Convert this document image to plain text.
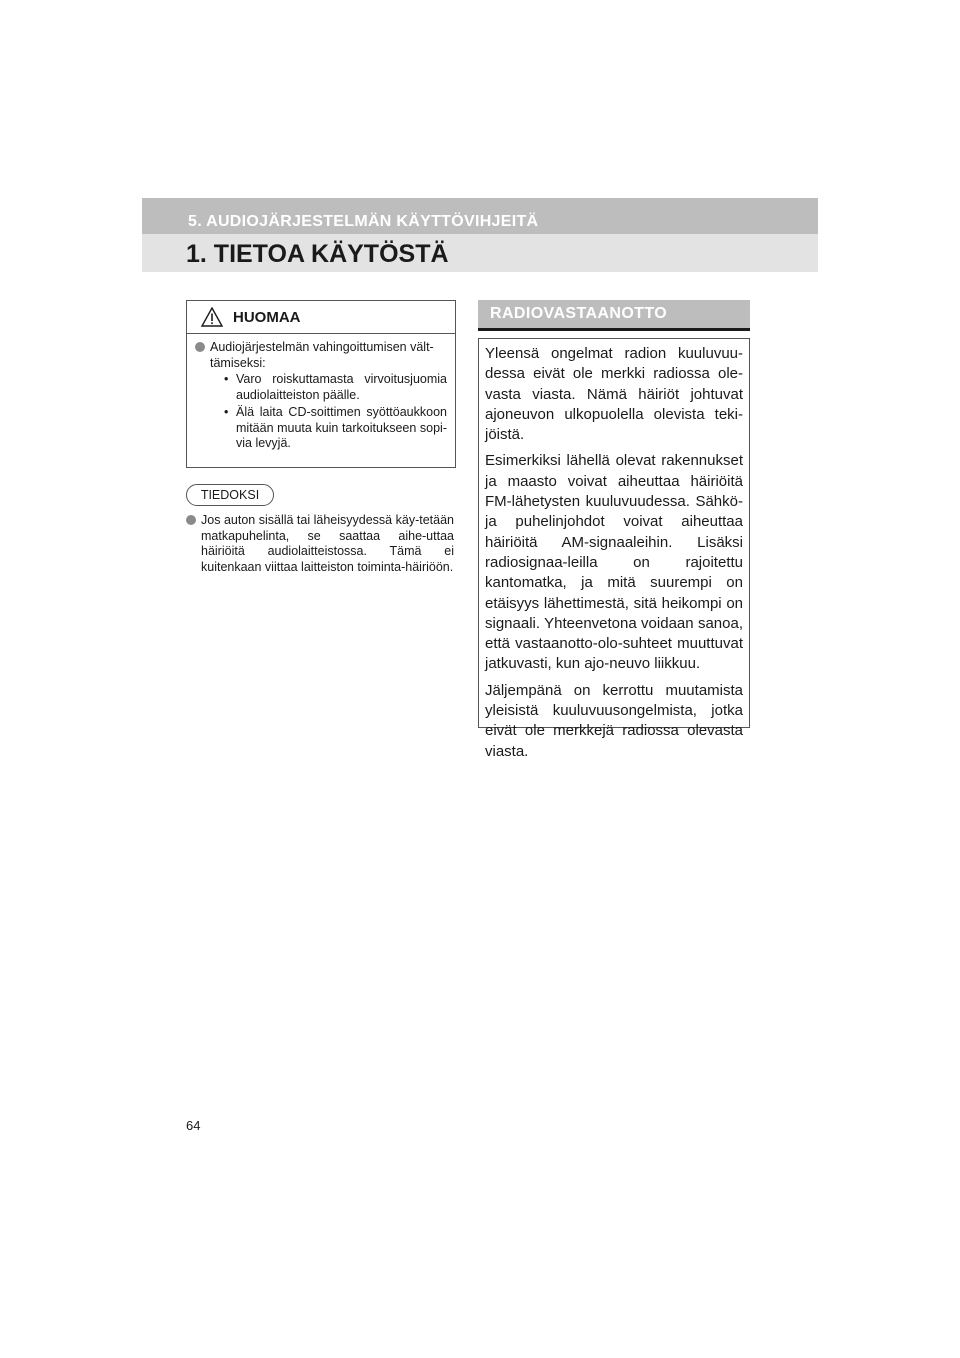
5. AUDIOJÄRJESTELMÄN KÄYTTÖVIHJEITÄ
1. TIETOA KÄYTÖSTÄ
HUOMAA
Audiojärjestelmän vahingoittumisen vält-tämiseksi:
• Varo roiskuttamasta virvoitusjuomia audiolaitteiston päälle.
• Älä laita CD-soittimen syöttöaukkoon mitään muuta kuin tarkoitukseen sopi-via levyjä.
TIEDOKSI
Jos auton sisällä tai läheisyydessä käy-tetään matkapuhelinta, se saattaa aihe-uttaa häiriöitä audiolaitteistossa. Tämä ei kuitenkaan viittaa laitteiston toiminta-häiriöön.
RADIOVASTAANOTTO

Yleensä ongelmat radion kuuluvuu-dessa eivät ole merkki radiossa ole-vasta viasta. Nämä häiriöt johtuvat ajoneuvon ulkopuolella olevista teki-jöistä.

Esimerkiksi lähellä olevat rakennukset ja maasto voivat aiheuttaa häiriöitä FM-lähetysten kuuluvuudessa. Sähkö- ja puhelinjohdot voivat aiheuttaa häiriöitä AM-signaaleihin. Lisäksi radiosignaa-leilla on rajoitettu kantomatka, ja mitä suurempi on etäisyys lähettimestä, sitä heikompi on signaali. Yhteenvetona voidaan sanoa, että vastaanotto-olo-suhteet muuttuvat jatkuvasti, kun ajo-neuvo liikkuu.

Jäljempänä on kerrottu muutamista yleisistä kuuluvuusongelmista, jotka eivät ole merkkejä radiossa olevasta viasta.

64
